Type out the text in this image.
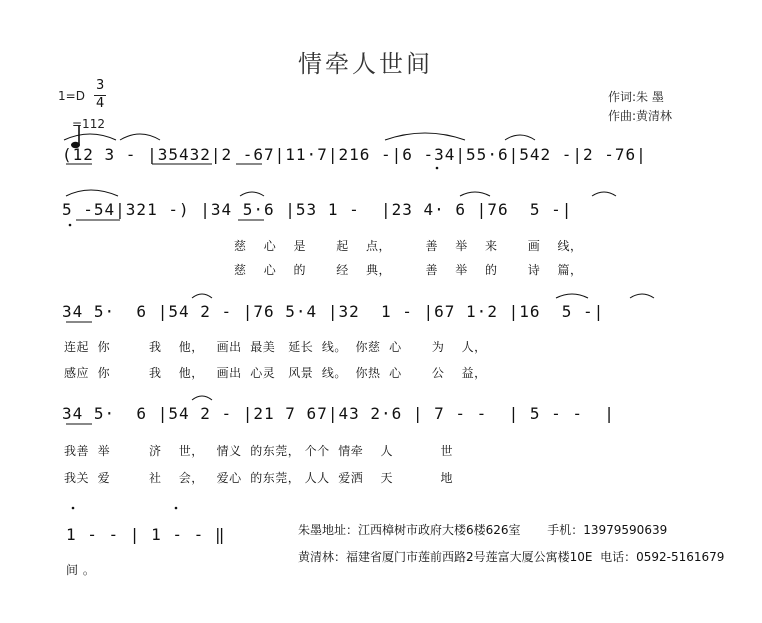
情牵人世间
1=D
3
4

=112
作词:朱 墨
作曲:黄清林
(12 3 - |35432|2 -67|11·7|216 -|6 -34|55·6|542 -|2 -76|
5 -54|321 -) |34 5·6 |53 1 -  |23 4· 6 |76  5 -|
慈    心    是       起    点，        善    举    来       画    线，
慈    心    的       经    典，        善    举    的       诗    篇，
34 5·  6 |54 2 - |76 5·4 |32  1 - |67 1·2 |16  5 -|
连起  你         我    他，   画出  最美   延长  线。  你慈  心       为    人，
感应  你         我    他，   画出  心灵   风景  线。  你热  心       公    益，
34 5·  6 |54 2 - |21 7 67|43 2·6 | 7 - -  | 5 - -  |
我善  举         济    世，   情义  的东莞， 个个  情牵    人           世
我关  爱         社    会，   爱心  的东莞， 人人  爱洒    天           地
1 - - | 1 - - ‖
间 。
朱墨地址：江西樟树市政府大楼6楼626室       手机：13979590639
黄清林：福建省厦门市莲前西路2号莲富大厦公寓楼10E  电话：0592-5161679
